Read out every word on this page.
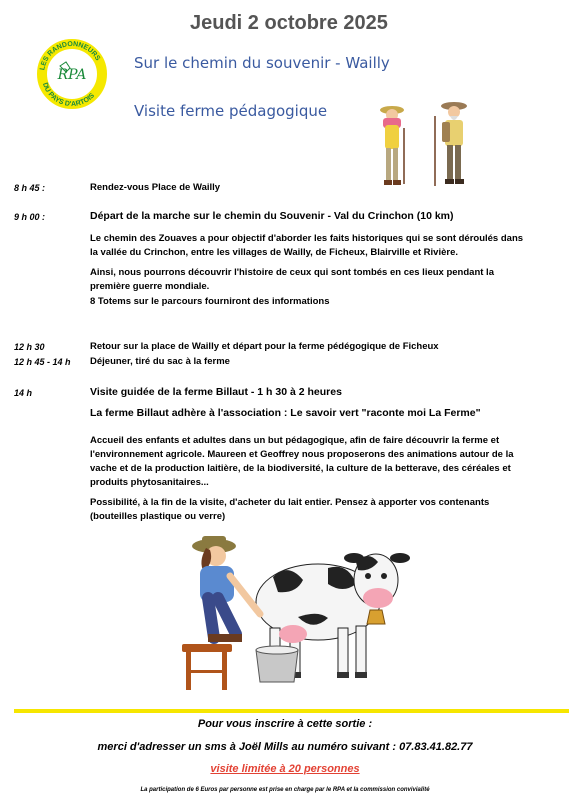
LES RANDONNEURS
DU PAYS D'ARTOIS
RPA
Jeudi 2 octobre 2025
Sur le chemin du souvenir - Wailly
Visite ferme pédagogique
8 h 45 :	Rendez-vous Place de Wailly
9 h 00 :	Départ de la marche sur le chemin du Souvenir - Val du Crinchon (10 km)
Le chemin des Zouaves a pour objectif d'aborder les faits historiques qui se sont déroulés dans la vallée du Crinchon, entre les villages de Wailly, de Ficheux, Blairville et Rivière.
Ainsi, nous pourrons découvrir l'histoire de ceux qui sont tombés en ces lieux pendant la première guerre mondiale.
8 Totems sur le parcours fourniront des informations
12 h 30	Retour sur la place de Wailly et départ pour la ferme pédégogique de Ficheux
12 h 45 - 14 h	Déjeuner, tiré du sac à la ferme
14 h	Visite guidée de la ferme Billaut - 1 h 30 à 2 heures
La ferme Billaut adhère à l'association : Le savoir vert "raconte moi La Ferme"
Accueil des enfants et adultes dans un but pédagogique, afin de faire découvrir la ferme et l'environnement agricole. Maureen et Geoffrey nous proposerons des animations autour de la vache et de la production laitière, de la biodiversité, la culture de la betterave, des céréales et produits phytosanitaires...
Possibilité, à la fin de la visite, d'acheter du lait entier. Pensez à apporter vos contenants (bouteilles plastique ou verre)
Pour vous inscrire à cette sortie :
merci d'adresser un sms à Joël Mills au numéro suivant : 07.83.41.82.77
visite limitée à 20 personnes
La participation de 6 Euros par personne est prise en charge par le RPA et la commission convivialité
